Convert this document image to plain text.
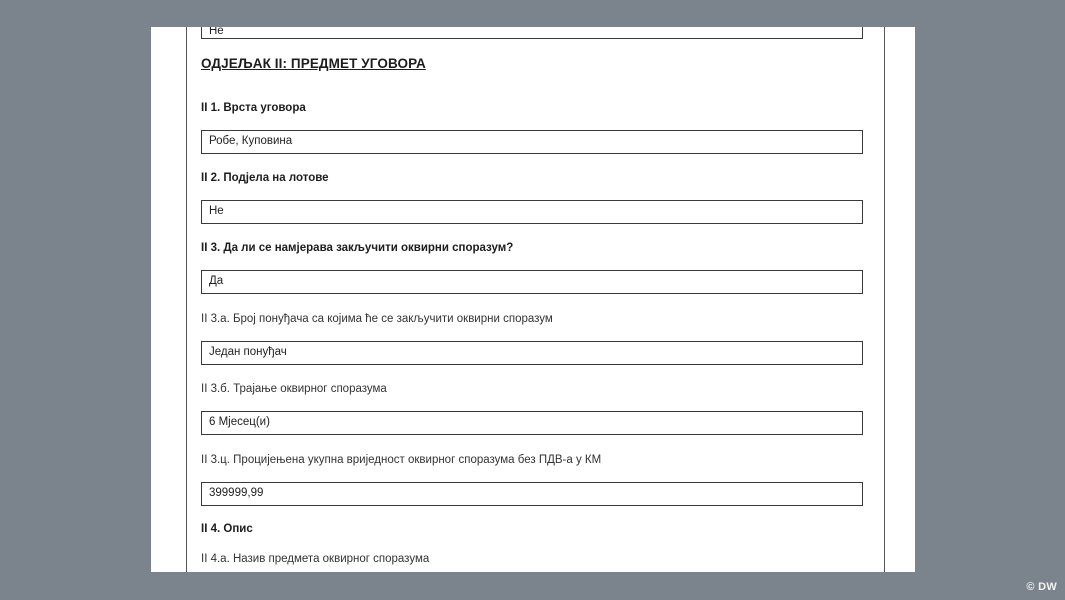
Не
ОДЈЕЉАК II: ПРЕДМЕТ УГОВОРА
II 1. Врста уговора
Робе, Куповина
II 2. Подјела на лотове
Не
II 3. Да ли се намјерава закључити оквирни споразум?
Да
II 3.а. Број понуђача са којима ће се закључити оквирни споразум
Један понуђач
II 3.б. Трајање оквирног споразума
6 Мјесец(и)
II 3.ц. Процијењена укупна вриједност оквирног споразума без ПДВ-а у КМ
399999,99
II 4. Опис
II 4.а. Назив предмета оквирног споразума
© DW
